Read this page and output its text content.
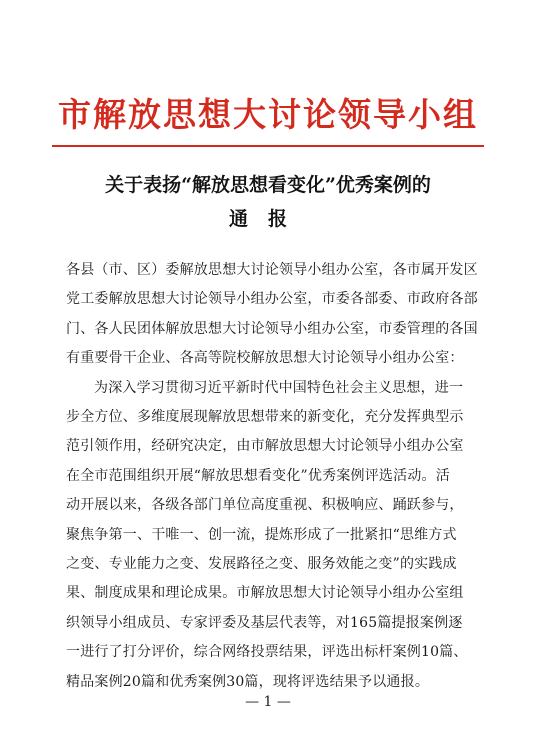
市解放思想大讨论领导小组
关于表扬“解放思想看变化”优秀案例的
通报
各县（市、区）委解放思想大讨论领导小组办公室，各市属开发区
党工委解放思想大讨论领导小组办公室，市委各部委、市政府各部
门、各人民团体解放思想大讨论领导小组办公室，市委管理的各国
有重要骨干企业、各高等院校解放思想大讨论领导小组办公室：
为深入学习贯彻习近平新时代中国特色社会主义思想，进一
步全方位、多维度展现解放思想带来的新变化，充分发挥典型示
范引领作用，经研究决定，由市解放思想大讨论领导小组办公室
在全市范围组织开展“解放思想看变化”优秀案例评选活动。活
动开展以来，各级各部门单位高度重视、积极响应、踊跃参与，
聚焦争第一、干唯一、创一流，提炼形成了一批紧扣“思维方式
之变、专业能力之变、发展路径之变、服务效能之变”的实践成
果、制度成果和理论成果。市解放思想大讨论领导小组办公室组
织领导小组成员、专家评委及基层代表等，对165篇提报案例逐
一进行了打分评价，综合网络投票结果，评选出标杆案例10篇、
精品案例20篇和优秀案例30篇，现将评选结果予以通报。
— 1 —
